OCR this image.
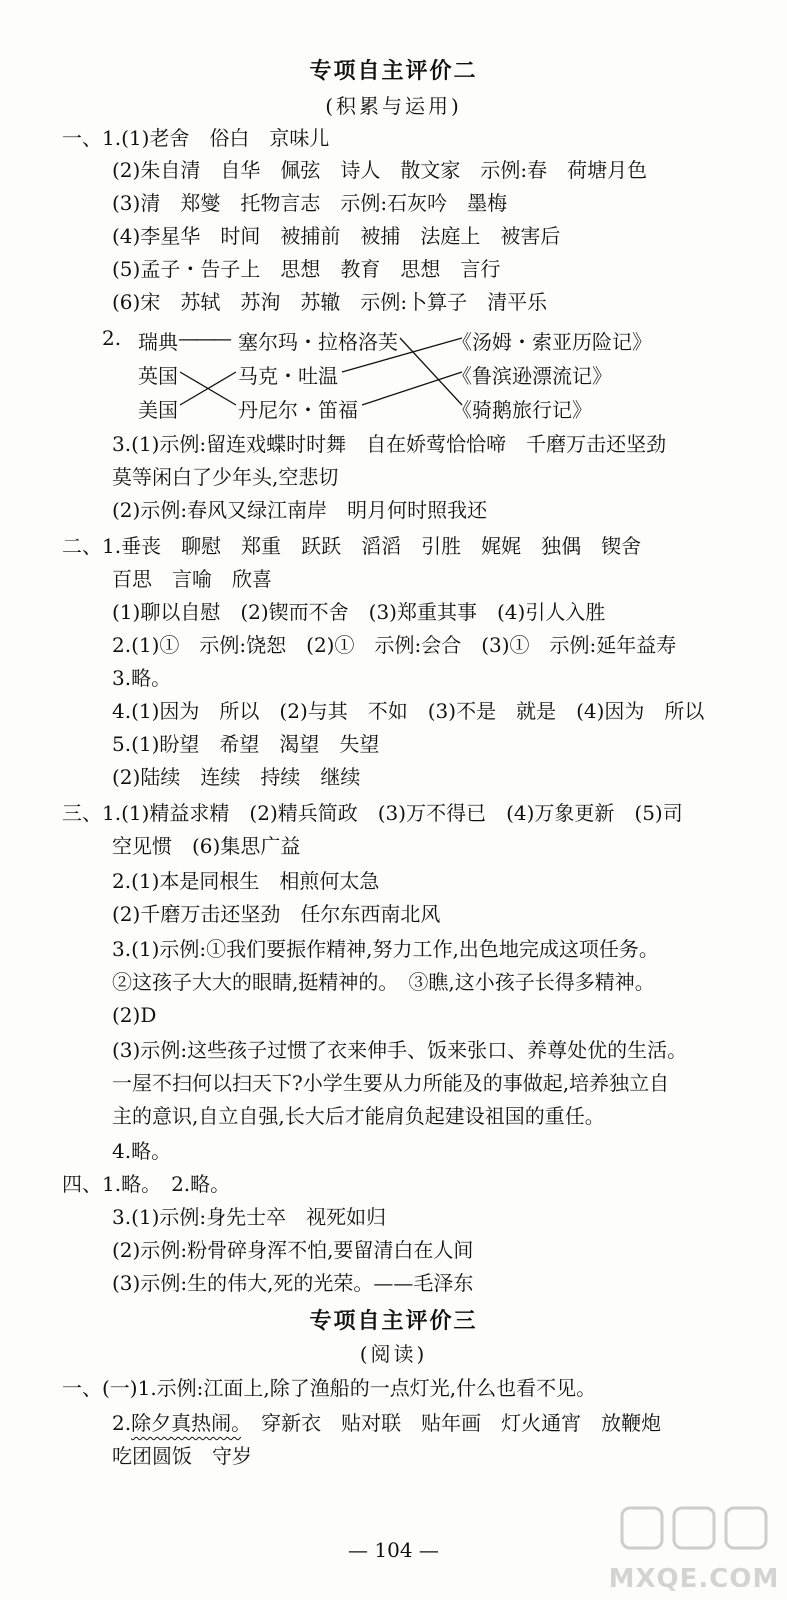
专项自主评价二
(积累与运用)
一、1.(1)老舍　俗白　京味儿
(2)朱自清　自华　佩弦　诗人　散文家　示例:春　荷塘月色
(3)清　郑燮　托物言志　示例:石灰吟　墨梅
(4)李星华　时间　被捕前　被捕　法庭上　被害后
(5)孟子・告子上　思想　教育　思想　言行
(6)宋　苏轼　苏洵　苏辙　示例:卜算子　清平乐
2. 瑞典
英国
美国
——— 塞尔玛・拉格洛芙
马克・吐温
丹尼尔・笛福
《汤姆・索亚历险记》
《鲁滨逊漂流记》
《骑鹅旅行记》
3.(1)示例:留连戏蝶时时舞　自在娇莺恰恰啼　千磨万击还坚劲
莫等闲白了少年头,空悲切
(2)示例:春风又绿江南岸　明月何时照我还
二、1.垂丧　聊慰　郑重　跃跃　滔滔　引胜　娓娓　独偶　锲舍
百思　言喻　欣喜
(1)聊以自慰　(2)锲而不舍　(3)郑重其事　(4)引人入胜
2.(1)①　示例:饶恕　(2)①　示例:会合　(3)①　示例:延年益寿
3.略。
4.(1)因为　所以　(2)与其　不如　(3)不是　就是　(4)因为　所以
5.(1)盼望　希望　渴望　失望
(2)陆续　连续　持续　继续
三、1.(1)精益求精　(2)精兵简政　(3)万不得已　(4)万象更新　(5)司
空见惯　(6)集思广益
2.(1)本是同根生　相煎何太急
(2)千磨万击还坚劲　任尔东西南北风
3.(1)示例:①我们要振作精神,努力工作,出色地完成这项任务。
②这孩子大大的眼睛,挺精神的。　③瞧,这小孩子长得多精神。
(2)D
(3)示例:这些孩子过惯了衣来伸手、饭来张口、养尊处优的生活。
一屋不扫何以扫天下?小学生要从力所能及的事做起,培养独立自
主的意识,自立自强,长大后才能肩负起建设祖国的重任。
4.略。
四、1.略。　2.略。
3.(1)示例:身先士卒　视死如归
(2)示例:粉骨碎身浑不怕,要留清白在人间
(3)示例:生的伟大,死的光荣。——毛泽东
专项自主评价三
(阅读)
一、(一)1.示例:江面上,除了渔船的一点灯光,什么也看不见。
2.除夕真热闹。　穿新衣　贴对联　贴年画　灯火通宵　放鞭炮
吃团圆饭　守岁
— 104 —
MXQE.COM
